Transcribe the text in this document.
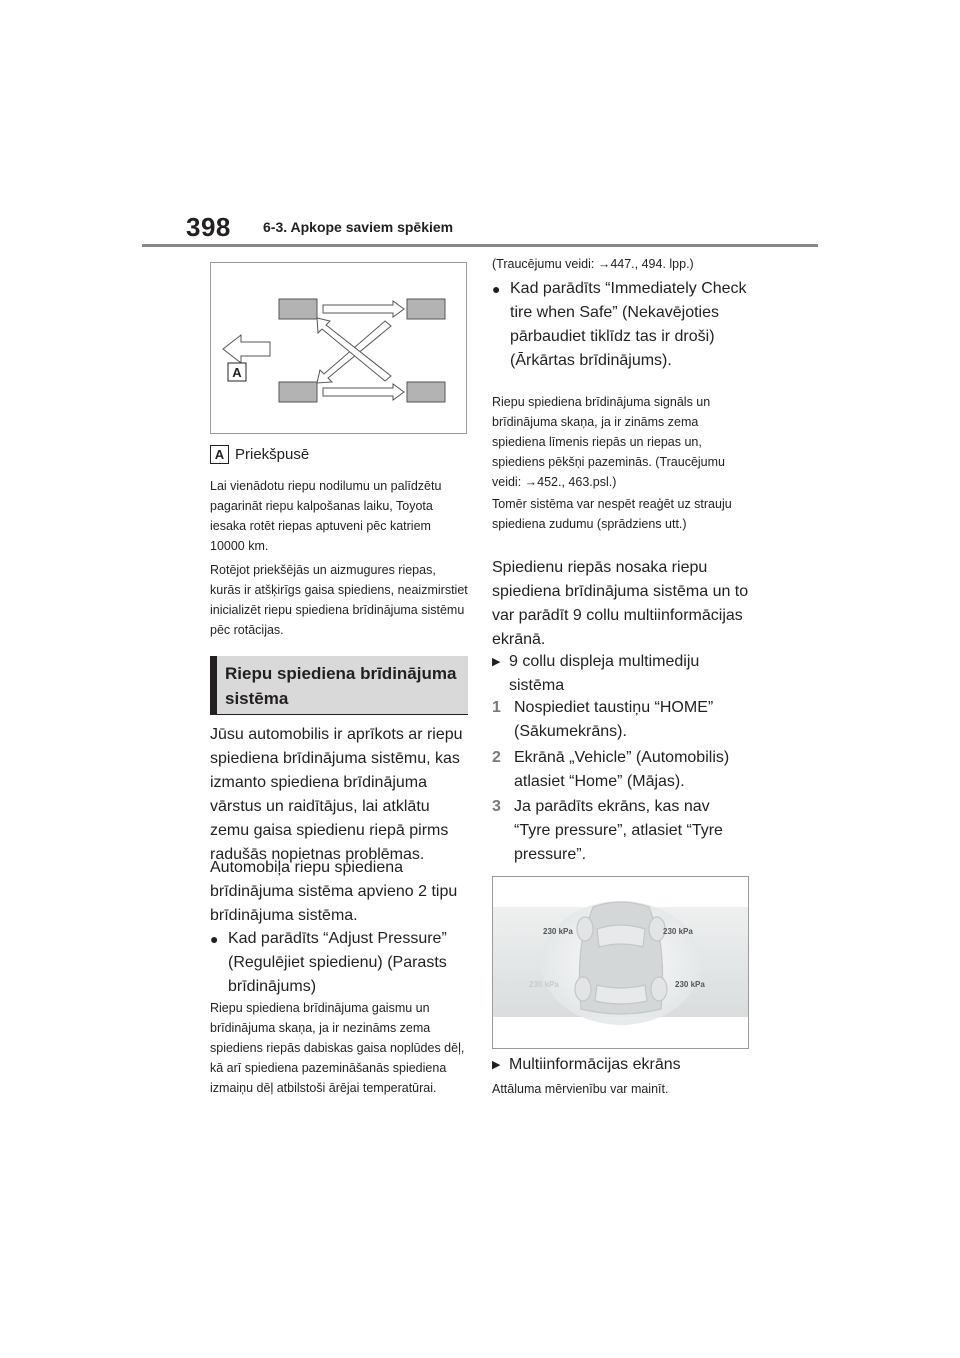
398 6-3. Apkope saviem spēkiem
A
A Priekšpusē
Lai vienādotu riepu nodilumu un palīdzētu pagarināt riepu kalpošanas laiku, Toyota iesaka rotēt riepas aptuveni pēc katriem 10000 km.
Rotējot priekšējās un aizmugures riepas, kurās ir atšķirīgs gaisa spiediens, neaizmirstiet inicializēt riepu spiediena brīdinājuma sistēmu pēc rotācijas.
Riepu spiediena brīdinājuma sistēma
Jūsu automobilis ir aprīkots ar riepu spiediena brīdinājuma sistēmu, kas izmanto spiediena brīdinājuma vārstus un raidītājus, lai atklātu zemu gaisa spiedienu riepā pirms radušās nopietnas problēmas.
Automobiļa riepu spiediena brīdinājuma sistēma apvieno 2 tipu brīdinājuma sistēma.
● Kad parādīts “Adjust Pressure” (Regulējiet spiedienu) (Parasts brīdinājums)
Riepu spiediena brīdinājuma gaismu un brīdinājuma skaņa, ja ir nezināms zema spiediens riepās dabiskas gaisa noplūdes dēļ, kā arī spiediena pazemināšanās spiediena izmaiņu dēļ atbilstoši ārējai temperatūrai.
(Traucējumu veidi: →447., 494. lpp.)
● Kad parādīts “Immediately Check tire when Safe” (Nekavējoties pārbaudiet tiklīdz tas ir droši) (Ārkārtas brīdinājums).
Riepu spiediena brīdinājuma signāls un brīdinājuma skaņa, ja ir zināms zema spiediena līmenis riepās un riepas un, spiediens pēkšņi pazeminās. (Traucējumu veidi: →452., 463.psl.)
Tomēr sistēma var nespēt reaģēt uz strauju spiediena zudumu (sprādziens utt.)
Spiedienu riepās nosaka riepu spiediena brīdinājuma sistēma un to var parādīt 9 collu multiinformācijas ekrānā.
▶ 9 collu displeja multimediju sistēma
1 Nospiediet taustiņu “HOME” (Sākumekrāns).
2 Ekrānā „Vehicle” (Automobilis) atlasiet “Home” (Mājas).
3 Ja parādīts ekrāns, kas nav “Tyre pressure”, atlasiet “Tyre pressure”.
230 kPa	230 kPa
230 kPa	230 kPa
▶ Multiinformācijas ekrāns
Attāluma mērvienību var mainīt.
